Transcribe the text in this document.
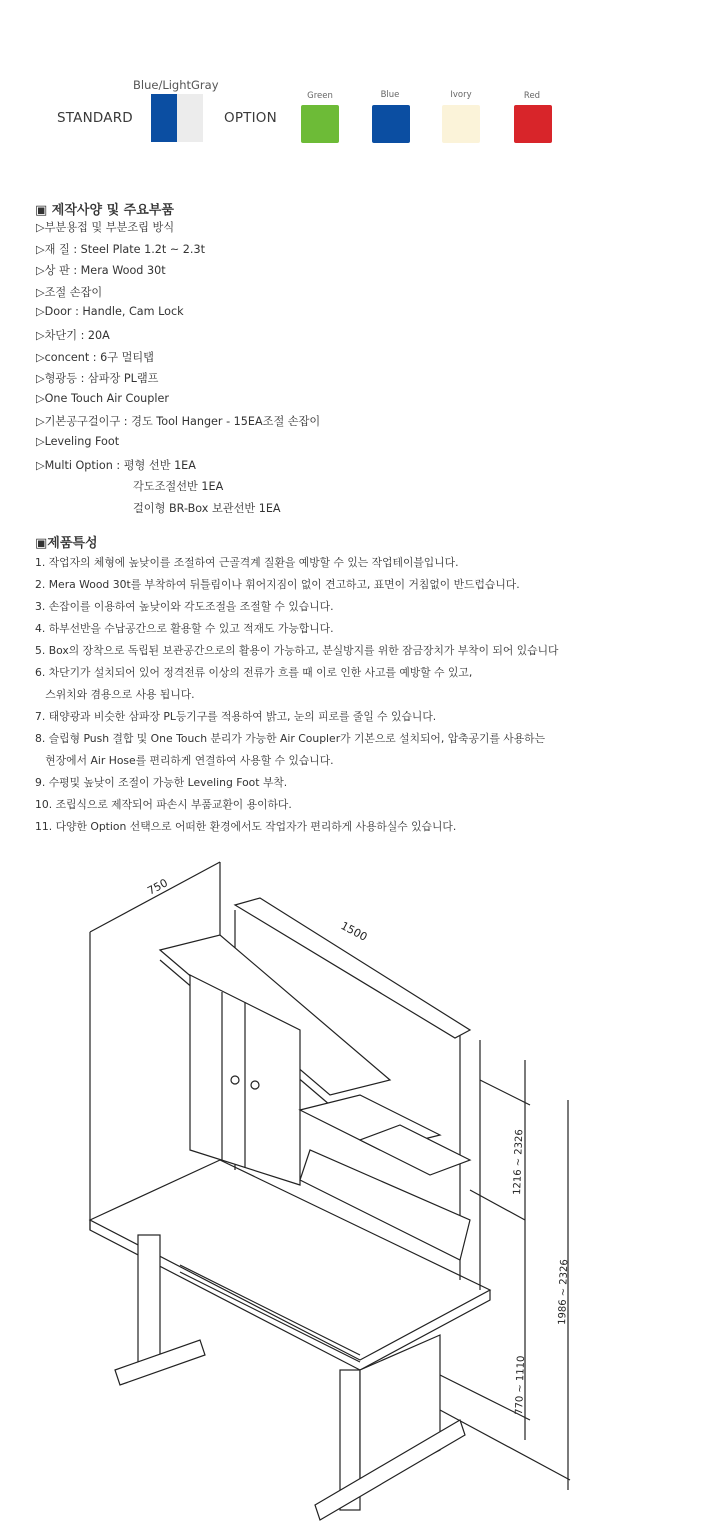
Blue/LightGray
STANDARD	OPTION
Green	Blue	Ivory	Red
▣ 제작사양 및 주요부품
▷부분용접 및 부분조립 방식
▷재 질 : Steel Plate 1.2t ~ 2.3t
▷상 판 : Mera Wood 30t
▷조절 손잡이
▷Door : Handle, Cam Lock
▷차단기 : 20A
▷concent : 6구 멀티탭
▷형광등 : 삼파장 PL램프
▷One Touch Air Coupler
▷기본공구걸이구 : 경도 Tool Hanger - 15EA조절 손잡이
▷Leveling Foot
▷Multi Option : 평형 선반 1EA
각도조절선반 1EA
걸이형 BR-Box 보관선반 1EA
▣제품특성
1. 작업자의 체형에 높낮이를 조절하여 근골격계 질환을 예방할 수 있는 작업테이블입니다.
2. Mera Wood 30t를 부착하여 뒤틀림이나 휘어지짐이 없이 견고하고, 표면이 거침없이 반드럽습니다.
3. 손잡이를 이용하여 높낮이와 각도조절을 조절할 수 있습니다.
4. 하부선반을 수납공간으로 활용할 수 있고 적재도 가능합니다.
5. Box의 장착으로 독립된 보관공간으로의 활용이 가능하고, 분실방지를 위한 잠금장치가 부착이 되어 있습니다
6. 차단기가 설치되어 있어 정격전류 이상의 전류가 흐를 때 이로 인한 사고를 예방할 수 있고,
스위치와 겸용으로 사용 됩니다.
7. 태양광과 비슷한 삼파장 PL등기구를 적용하여 밝고, 눈의 피로를 줄일 수 있습니다.
8. 슬립형 Push 결합 및 One Touch 분리가 가능한 Air Coupler가 기본으로 설치되어, 압축공기를 사용하는
현장에서 Air Hose를 편리하게 연결하여 사용할 수 있습니다.
9. 수평및 높낮이 조절이 가능한 Leveling Foot 부착.
10. 조립식으로 제작되어 파손시 부품교환이 용이하다.
11. 다양한 Option 선택으로 어떠한 환경에서도 작업자가 편리하게 사용하실수 있습니다.
750
1500
1216 ~ 2326
1986 ~ 2326
770 ~ 1110
